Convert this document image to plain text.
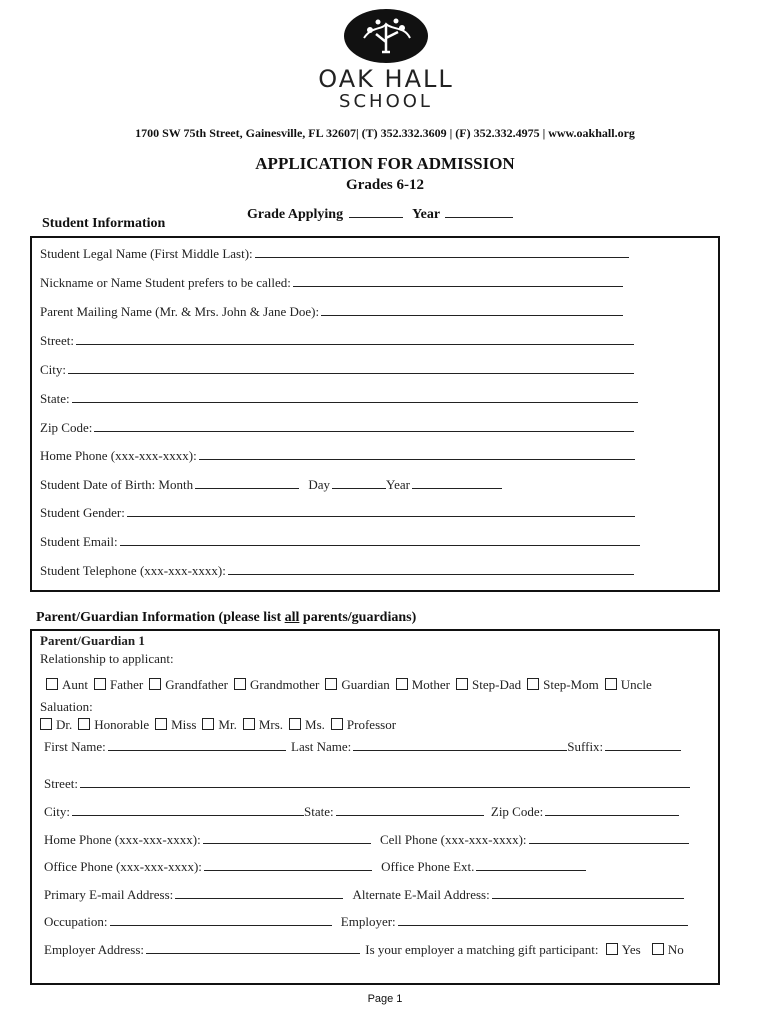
OAK HALL
SCHOOL
1700 SW 75th Street, Gainesville, FL 32607| (T) 352.332.3609 | (F) 352.332.4975 | www.oakhall.org
APPLICATION FOR ADMISSION
Grades 6-12
Student Information
Grade Applying	Year
Student Legal Name (First Middle Last):
Nickname or Name Student prefers to be called:
Parent Mailing Name (Mr. & Mrs. John & Jane Doe):
Street:
City:
State:
Zip Code:
Home Phone (xxx-xxx-xxxx):
Student Date of Birth: Month	Day	Year
Student Gender:
Student Email:
Student Telephone (xxx-xxx-xxxx):
Parent/Guardian Information (please list all parents/guardians)
Parent/Guardian 1
Relationship to applicant:
Aunt Father Grandfather Grandmother Guardian Mother Step-Dad Step-Mom Uncle
Saluation:
Dr. Honorable Miss Mr. Mrs. Ms. Professor
First Name:	Last Name:	Suffix:
Street:
City:	State:	Zip Code:
Home Phone (xxx-xxx-xxxx):	Cell Phone (xxx-xxx-xxxx):
Office Phone (xxx-xxx-xxxx):	Office Phone Ext.
Primary E-mail Address:	Alternate E-Mail Address:
Occupation:	Employer:
Employer Address:	Is your employer a matching gift participant: Yes No
Page 1
